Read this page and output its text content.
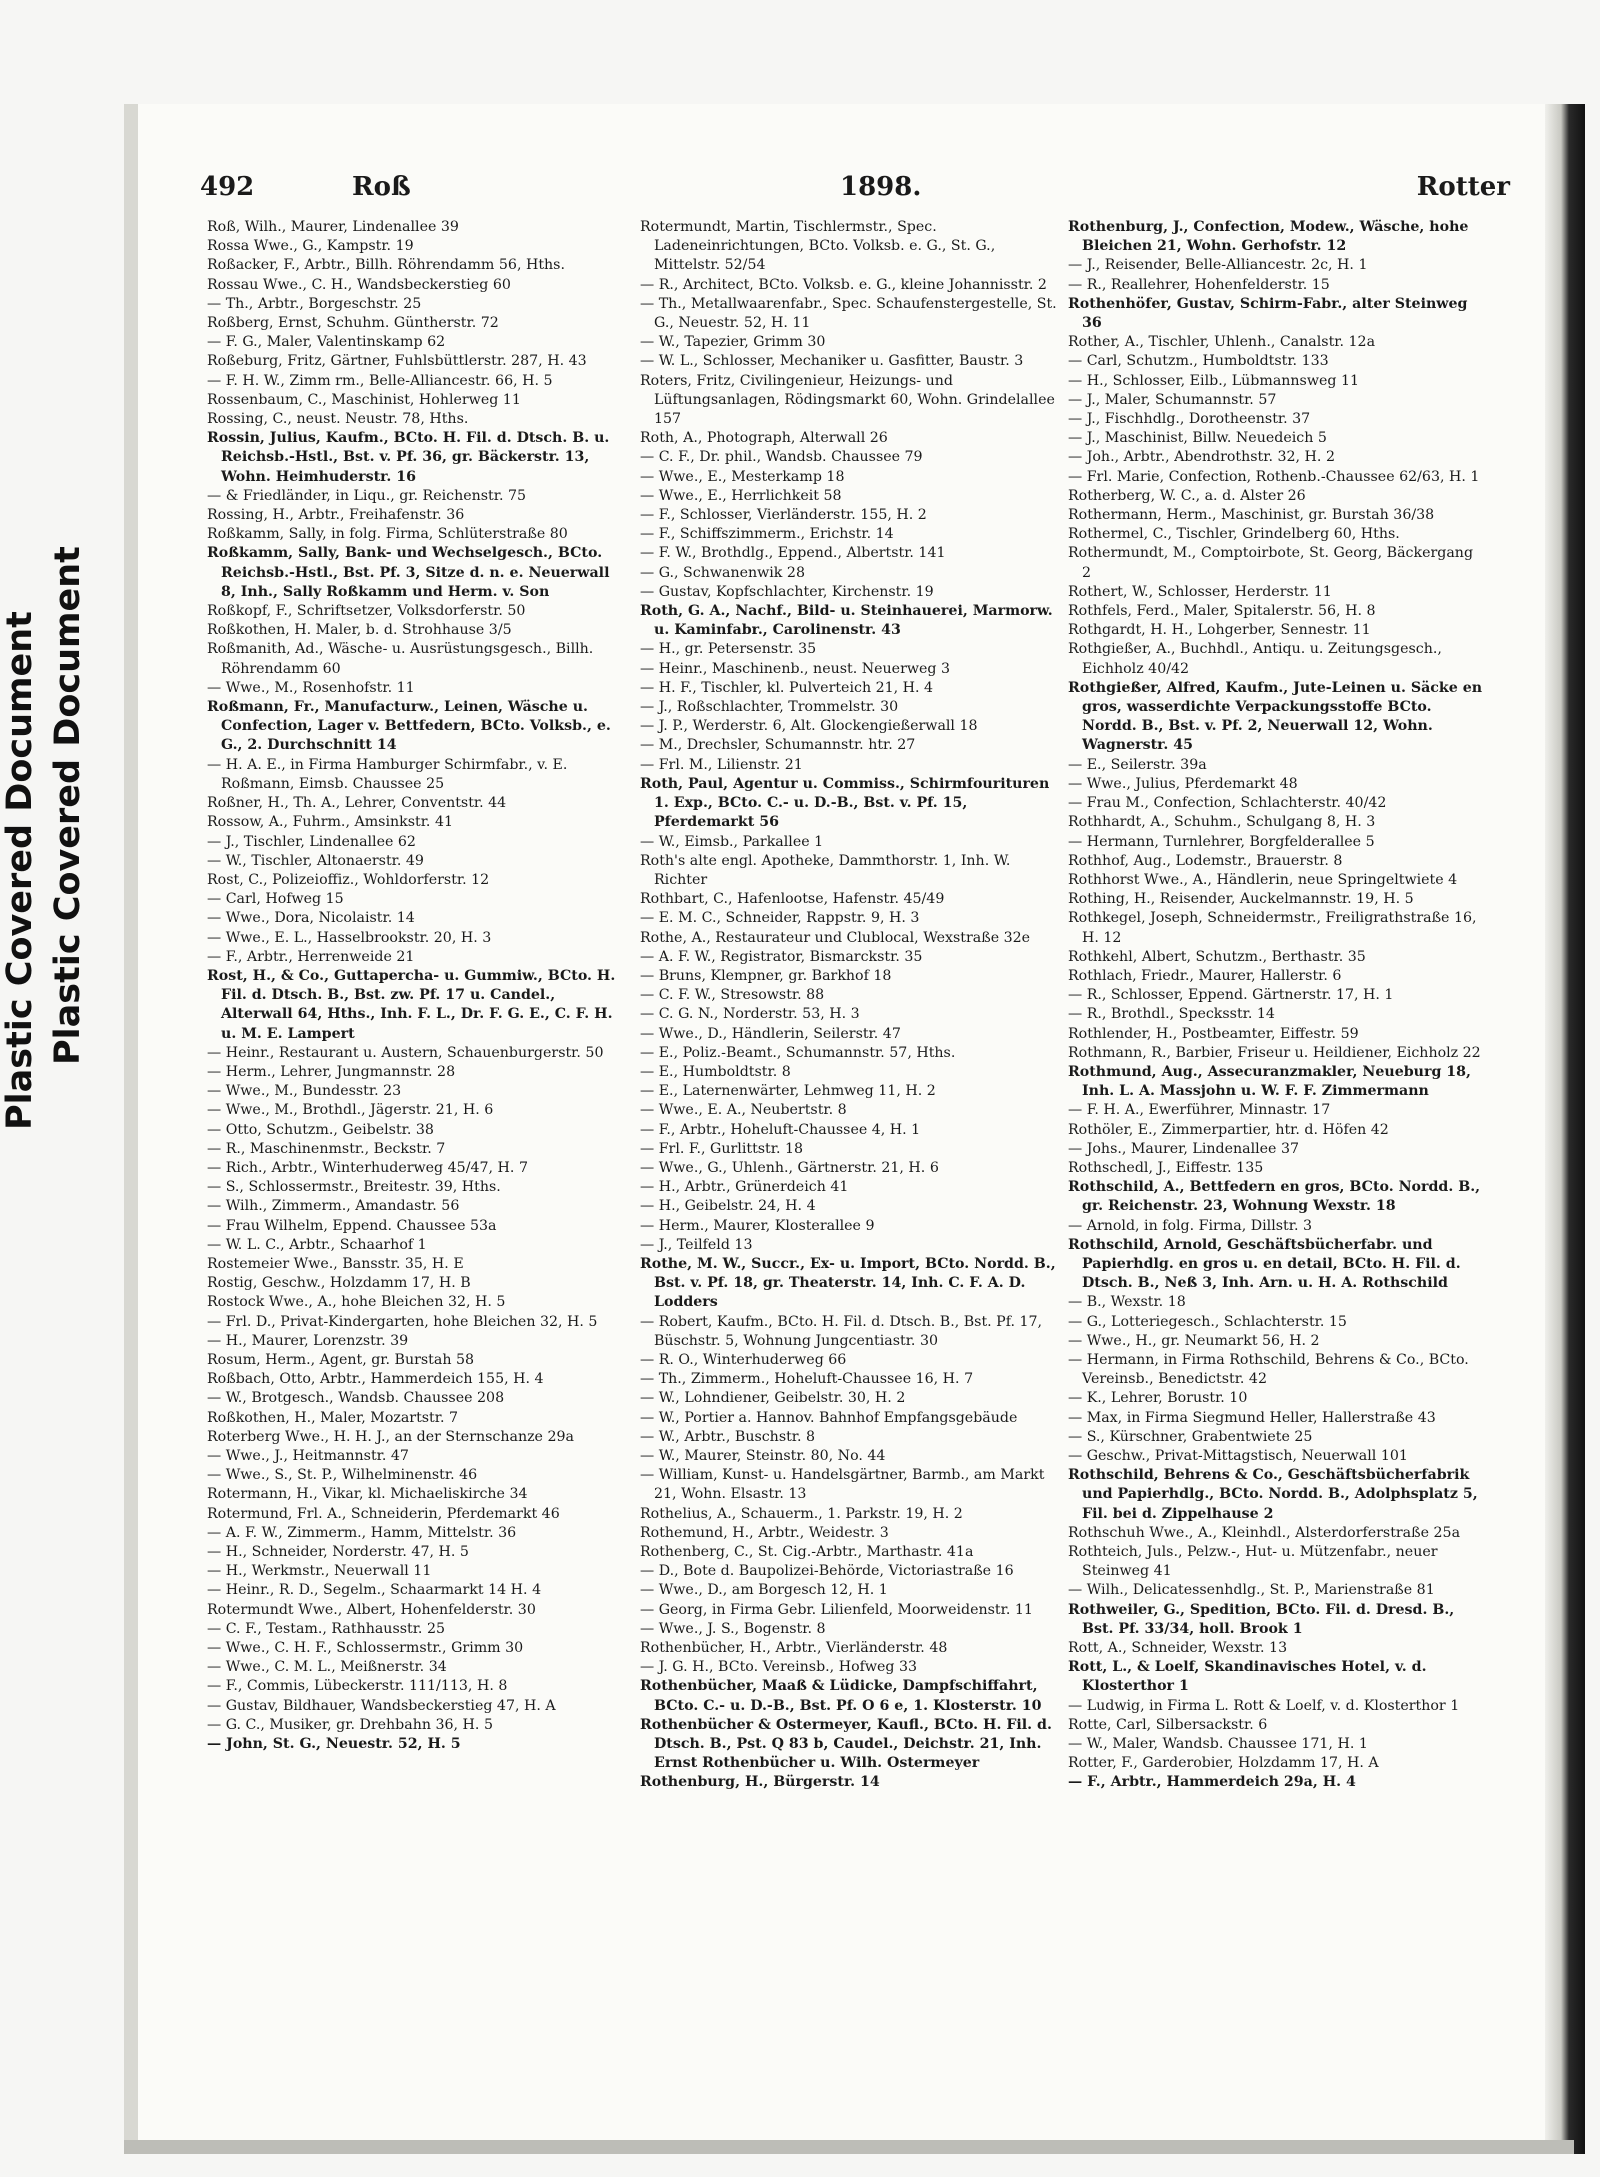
Plastic Covered Document Plastic Covered Document
492	Roß	1898.	Rotter

Roß, Wilh., Maurer, Lindenallee 39

Rossa Wwe., G., Kampstr. 19

Roßacker, F., Arbtr., Billh. Röhrendamm 56, Hths.

Rossau Wwe., C. H., Wandsbeckerstieg 60

— Th., Arbtr., Borgeschstr. 25

Roßberg, Ernst, Schuhm. Güntherstr. 72

— F. G., Maler, Valentinskamp 62

Roßeburg, Fritz, Gärtner, Fuhlsbüttlerstr. 287, H. 43

— F. H. W., Zimm rm., Belle-Alliancestr. 66, H. 5

Rossenbaum, C., Maschinist, Hohlerweg 11

Rossing, C., neust. Neustr. 78, Hths.

Rossin, Julius, Kaufm., BCto. H. Fil. d. Dtsch. B. u. Reichsb.-Hstl., Bst. v. Pf. 36, gr. Bäckerstr. 13, Wohn. Heimhuderstr. 16

— & Friedländer, in Liqu., gr. Reichenstr. 75

Rossing, H., Arbtr., Freihafenstr. 36

Roßkamm, Sally, in folg. Firma, Schlüterstraße 80

Roßkamm, Sally, Bank- und Wechselgesch., BCto. Reichsb.-Hstl., Bst. Pf. 3, Sitze d. n. e. Neuerwall 8, Inh., Sally Roßkamm und Herm. v. Son

Roßkopf, F., Schriftsetzer, Volksdorferstr. 50

Roßkothen, H. Maler, b. d. Strohhause 3/5

Roßmanith, Ad., Wäsche- u. Ausrüstungsgesch., Billh. Röhrendamm 60

— Wwe., M., Rosenhofstr. 11

Roßmann, Fr., Manufacturw., Leinen, Wäsche u. Confection, Lager v. Bettfedern, BCto. Volksb., e. G., 2. Durchschnitt 14

— H. A. E., in Firma Hamburger Schirmfabr., v. E. Roßmann, Eimsb. Chaussee 25

Roßner, H., Th. A., Lehrer, Conventstr. 44

Rossow, A., Fuhrm., Amsinkstr. 41

— J., Tischler, Lindenallee 62

— W., Tischler, Altonaerstr. 49

Rost, C., Polizeioffiz., Wohldorferstr. 12

— Carl, Hofweg 15

— Wwe., Dora, Nicolaistr. 14

— Wwe., E. L., Hasselbrookstr. 20, H. 3

— F., Arbtr., Herrenweide 21

Rost, H., & Co., Guttapercha- u. Gummiw., BCto. H. Fil. d. Dtsch. B., Bst. zw. Pf. 17 u. Candel., Alterwall 64, Hths., Inh. F. L., Dr. F. G. E., C. F. H. u. M. E. Lampert

— Heinr., Restaurant u. Austern, Schauenburgerstr. 50

— Herm., Lehrer, Jungmannstr. 28

— Wwe., M., Bundesstr. 23

— Wwe., M., Brothdl., Jägerstr. 21, H. 6

— Otto, Schutzm., Geibelstr. 38

— R., Maschinenmstr., Beckstr. 7

— Rich., Arbtr., Winterhuderweg 45/47, H. 7

— S., Schlossermstr., Breitestr. 39, Hths.

— Wilh., Zimmerm., Amandastr. 56

— Frau Wilhelm, Eppend. Chaussee 53a

— W. L. C., Arbtr., Schaarhof 1

Rostemeier Wwe., Bansstr. 35, H. E

Rostig, Geschw., Holzdamm 17, H. B

Rostock Wwe., A., hohe Bleichen 32, H. 5

— Frl. D., Privat-Kindergarten, hohe Bleichen 32, H. 5

— H., Maurer, Lorenzstr. 39

Rosum, Herm., Agent, gr. Burstah 58

Roßbach, Otto, Arbtr., Hammerdeich 155, H. 4

— W., Brotgesch., Wandsb. Chaussee 208

Roßkothen, H., Maler, Mozartstr. 7

Roterberg Wwe., H. H. J., an der Sternschanze 29a

— Wwe., J., Heitmannstr. 47

— Wwe., S., St. P., Wilhelminenstr. 46

Rotermann, H., Vikar, kl. Michaeliskirche 34

Rotermund, Frl. A., Schneiderin, Pferdemarkt 46

— A. F. W., Zimmerm., Hamm, Mittelstr. 36

— H., Schneider, Norderstr. 47, H. 5

— H., Werkmstr., Neuerwall 11

— Heinr., R. D., Segelm., Schaarmarkt 14 H. 4

Rotermundt Wwe., Albert, Hohenfelderstr. 30

— C. F., Testam., Rathhausstr. 25

— Wwe., C. H. F., Schlossermstr., Grimm 30

— Wwe., C. M. L., Meißnerstr. 34

— F., Commis, Lübeckerstr. 111/113, H. 8

— Gustav, Bildhauer, Wandsbeckerstieg 47, H. A

— G. C., Musiker, gr. Drehbahn 36, H. 5

— John, St. G., Neuestr. 52, H. 5

Rotermundt, Martin, Tischlermstr., Spec. Ladeneinrichtungen, BCto. Volksb. e. G., St. G., Mittelstr. 52/54

— R., Architect, BCto. Volksb. e. G., kleine Johannisstr. 2

— Th., Metallwaarenfabr., Spec. Schaufenstergestelle, St. G., Neuestr. 52, H. 11

— W., Tapezier, Grimm 30

— W. L., Schlosser, Mechaniker u. Gasfitter, Baustr. 3

Roters, Fritz, Civilingenieur, Heizungs- und Lüftungsanlagen, Rödingsmarkt 60, Wohn. Grindelallee 157

Roth, A., Photograph, Alterwall 26

— C. F., Dr. phil., Wandsb. Chaussee 79

— Wwe., E., Mesterkamp 18

— Wwe., E., Herrlichkeit 58

— F., Schlosser, Vierländerstr. 155, H. 2

— F., Schiffszimmerm., Erichstr. 14

— F. W., Brothdlg., Eppend., Albertstr. 141

— G., Schwanenwik 28

— Gustav, Kopfschlachter, Kirchenstr. 19

Roth, G. A., Nachf., Bild- u. Steinhauerei, Marmorw. u. Kaminfabr., Carolinenstr. 43

— H., gr. Petersenstr. 35

— Heinr., Maschinenb., neust. Neuerweg 3

— H. F., Tischler, kl. Pulverteich 21, H. 4

— J., Roßschlachter, Trommelstr. 30

— J. P., Werderstr. 6, Alt. Glockengießerwall 18

— M., Drechsler, Schumannstr. htr. 27

— Frl. M., Lilienstr. 21

Roth, Paul, Agentur u. Commiss., Schirmfourituren 1. Exp., BCto. C.- u. D.-B., Bst. v. Pf. 15, Pferdemarkt 56

— W., Eimsb., Parkallee 1

Roth's alte engl. Apotheke, Dammthorstr. 1, Inh. W. Richter

Rothbart, C., Hafenlootse, Hafenstr. 45/49

— E. M. C., Schneider, Rappstr. 9, H. 3

Rothe, A., Restaurateur und Clublocal, Wexstraße 32e

— A. F. W., Registrator, Bismarckstr. 35

— Bruns, Klempner, gr. Barkhof 18

— C. F. W., Stresowstr. 88

— C. G. N., Norderstr. 53, H. 3

— Wwe., D., Händlerin, Seilerstr. 47

— E., Poliz.-Beamt., Schumannstr. 57, Hths.

— E., Humboldtstr. 8

— E., Laternenwärter, Lehmweg 11, H. 2

— Wwe., E. A., Neubertstr. 8

— F., Arbtr., Hoheluft-Chaussee 4, H. 1

— Frl. F., Gurlittstr. 18

— Wwe., G., Uhlenh., Gärtnerstr. 21, H. 6

— H., Arbtr., Grünerdeich 41

— H., Geibelstr. 24, H. 4

— Herm., Maurer, Klosterallee 9

— J., Teilfeld 13

Rothe, M. W., Succr., Ex- u. Import, BCto. Nordd. B., Bst. v. Pf. 18, gr. Theaterstr. 14, Inh. C. F. A. D. Lodders

— Robert, Kaufm., BCto. H. Fil. d. Dtsch. B., Bst. Pf. 17, Büschstr. 5, Wohnung Jungcentiastr. 30

— R. O., Winterhuderweg 66

— Th., Zimmerm., Hoheluft-Chaussee 16, H. 7

— W., Lohndiener, Geibelstr. 30, H. 2

— W., Portier a. Hannov. Bahnhof Empfangsgebäude

— W., Arbtr., Buschstr. 8

— W., Maurer, Steinstr. 80, No. 44

— William, Kunst- u. Handelsgärtner, Barmb., am Markt 21, Wohn. Elsastr. 13

Rothelius, A., Schauerm., 1. Parkstr. 19, H. 2

Rothemund, H., Arbtr., Weidestr. 3

Rothenberg, C., St. Cig.-Arbtr., Marthastr. 41a

— D., Bote d. Baupolizei-Behörde, Victoriastraße 16

— Wwe., D., am Borgesch 12, H. 1

— Georg, in Firma Gebr. Lilienfeld, Moorweidenstr. 11

— Wwe., J. S., Bogenstr. 8

Rothenbücher, H., Arbtr., Vierländerstr. 48

— J. G. H., BCto. Vereinsb., Hofweg 33

Rothenbücher, Maaß & Lüdicke, Dampfschiffahrt, BCto. C.- u. D.-B., Bst. Pf. O 6 e, 1. Klosterstr. 10

Rothenbücher & Ostermeyer, Kaufl., BCto. H. Fil. d. Dtsch. B., Pst. Q 83 b, Caudel., Deichstr. 21, Inh. Ernst Rothenbücher u. Wilh. Ostermeyer

Rothenburg, H., Bürgerstr. 14

Rothenburg, J., Confection, Modew., Wäsche, hohe Bleichen 21, Wohn. Gerhofstr. 12

— J., Reisender, Belle-Alliancestr. 2c, H. 1

— R., Reallehrer, Hohenfelderstr. 15

Rothenhöfer, Gustav, Schirm-Fabr., alter Steinweg 36

Rother, A., Tischler, Uhlenh., Canalstr. 12a

— Carl, Schutzm., Humboldtstr. 133

— H., Schlosser, Eilb., Lübmannsweg 11

— J., Maler, Schumannstr. 57

— J., Fischhdlg., Dorotheenstr. 37

— J., Maschinist, Billw. Neuedeich 5

— Joh., Arbtr., Abendrothstr. 32, H. 2

— Frl. Marie, Confection, Rothenb.-Chaussee 62/63, H. 1

Rotherberg, W. C., a. d. Alster 26

Rothermann, Herm., Maschinist, gr. Burstah 36/38

Rothermel, C., Tischler, Grindelberg 60, Hths.

Rothermundt, M., Comptoirbote, St. Georg, Bäckergang 2

Rothert, W., Schlosser, Herderstr. 11

Rothfels, Ferd., Maler, Spitalerstr. 56, H. 8

Rothgardt, H. H., Lohgerber, Sennestr. 11

Rothgießer, A., Buchhdl., Antiqu. u. Zeitungsgesch., Eichholz 40/42

Rothgießer, Alfred, Kaufm., Jute-Leinen u. Säcke en gros, wasserdichte Verpackungsstoffe BCto. Nordd. B., Bst. v. Pf. 2, Neuerwall 12, Wohn. Wagnerstr. 45

— E., Seilerstr. 39a

— Wwe., Julius, Pferdemarkt 48

— Frau M., Confection, Schlachterstr. 40/42

Rothhardt, A., Schuhm., Schulgang 8, H. 3

— Hermann, Turnlehrer, Borgfelderallee 5

Rothhof, Aug., Lodemstr., Brauerstr. 8

Rothhorst Wwe., A., Händlerin, neue Springeltwiete 4

Rothing, H., Reisender, Auckelmannstr. 19, H. 5

Rothkegel, Joseph, Schneidermstr., Freiligrathstraße 16, H. 12

Rothkehl, Albert, Schutzm., Berthastr. 35

Rothlach, Friedr., Maurer, Hallerstr. 6

— R., Schlosser, Eppend. Gärtnerstr. 17, H. 1

— R., Brothdl., Specksstr. 14

Rothlender, H., Postbeamter, Eiffestr. 59

Rothmann, R., Barbier, Friseur u. Heildiener, Eichholz 22

Rothmund, Aug., Assecuranzmakler, Neueburg 18, Inh. L. A. Massjohn u. W. F. F. Zimmermann

— F. H. A., Ewerführer, Minnastr. 17

Rothöler, E., Zimmerpartier, htr. d. Höfen 42

— Johs., Maurer, Lindenallee 37

Rothschedl, J., Eiffestr. 135

Rothschild, A., Bettfedern en gros, BCto. Nordd. B., gr. Reichenstr. 23, Wohnung Wexstr. 18

— Arnold, in folg. Firma, Dillstr. 3

Rothschild, Arnold, Geschäftsbücherfabr. und Papierhdlg. en gros u. en detail, BCto. H. Fil. d. Dtsch. B., Neß 3, Inh. Arn. u. H. A. Rothschild

— B., Wexstr. 18

— G., Lotteriegesch., Schlachterstr. 15

— Wwe., H., gr. Neumarkt 56, H. 2

— Hermann, in Firma Rothschild, Behrens & Co., BCto. Vereinsb., Benedictstr. 42

— K., Lehrer, Borustr. 10

— Max, in Firma Siegmund Heller, Hallerstraße 43

— S., Kürschner, Grabentwiete 25

— Geschw., Privat-Mittagstisch, Neuerwall 101

Rothschild, Behrens & Co., Geschäftsbücherfabrik und Papierhdlg., BCto. Nordd. B., Adolphsplatz 5, Fil. bei d. Zippelhause 2

Rothschuh Wwe., A., Kleinhdl., Alsterdorferstraße 25a

Rothteich, Juls., Pelzw.-, Hut- u. Mützenfabr., neuer Steinweg 41

— Wilh., Delicatessenhdlg., St. P., Marienstraße 81

Rothweiler, G., Spedition, BCto. Fil. d. Dresd. B., Bst. Pf. 33/34, holl. Brook 1

Rott, A., Schneider, Wexstr. 13

Rott, L., & Loelf, Skandinavisches Hotel, v. d. Klosterthor 1

— Ludwig, in Firma L. Rott & Loelf, v. d. Klosterthor 1

Rotte, Carl, Silbersackstr. 6

— W., Maler, Wandsb. Chaussee 171, H. 1

Rotter, F., Garderobier, Holzdamm 17, H. A

— F., Arbtr., Hammerdeich 29a, H. 4
